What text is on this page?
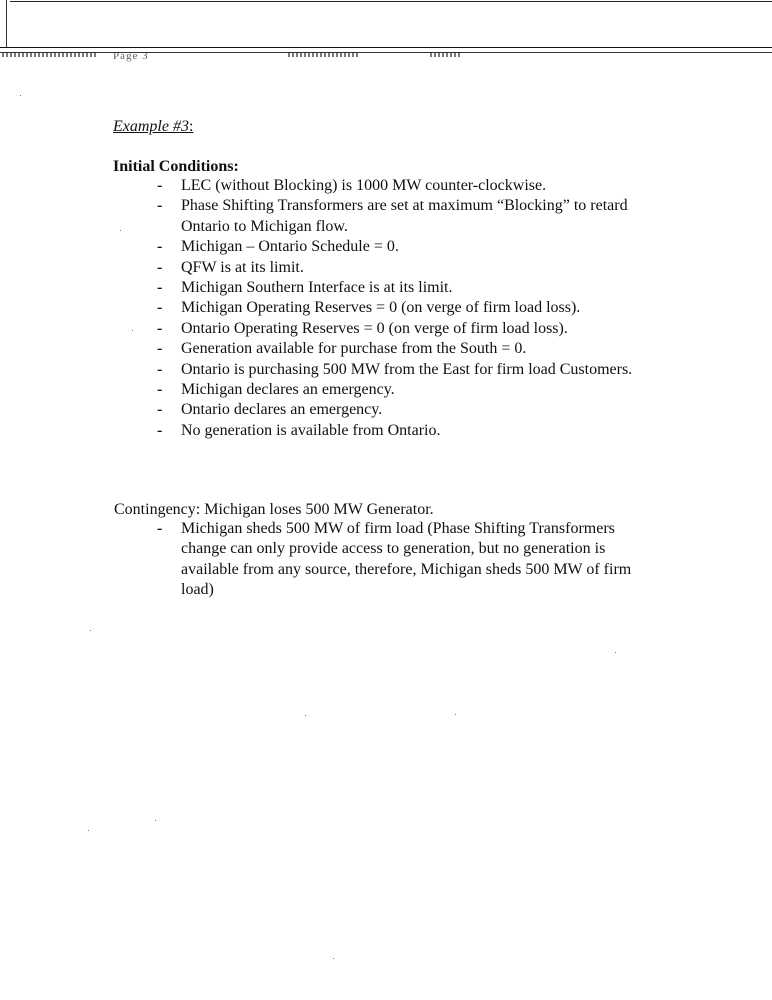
Page 3
Example #3:
Initial Conditions:
- LEC (without Blocking) is 1000 MW counter-clockwise.
- Phase Shifting Transformers are set at maximum “Blocking” to retard Ontario to Michigan flow.
- Michigan – Ontario Schedule = 0.
- QFW is at its limit.
- Michigan Southern Interface is at its limit.
- Michigan Operating Reserves = 0 (on verge of firm load loss).
- Ontario Operating Reserves = 0 (on verge of firm load loss).
- Generation available for purchase from the South = 0.
- Ontario is purchasing 500 MW from the East for firm load Customers.
- Michigan declares an emergency.
- Ontario declares an emergency.
- No generation is available from Ontario.

Contingency: Michigan loses 500 MW Generator.

- Michigan sheds 500 MW of firm load (Phase Shifting Transformers change can only provide access to generation, but no generation is available from any source, therefore, Michigan sheds 500 MW of firm load)
